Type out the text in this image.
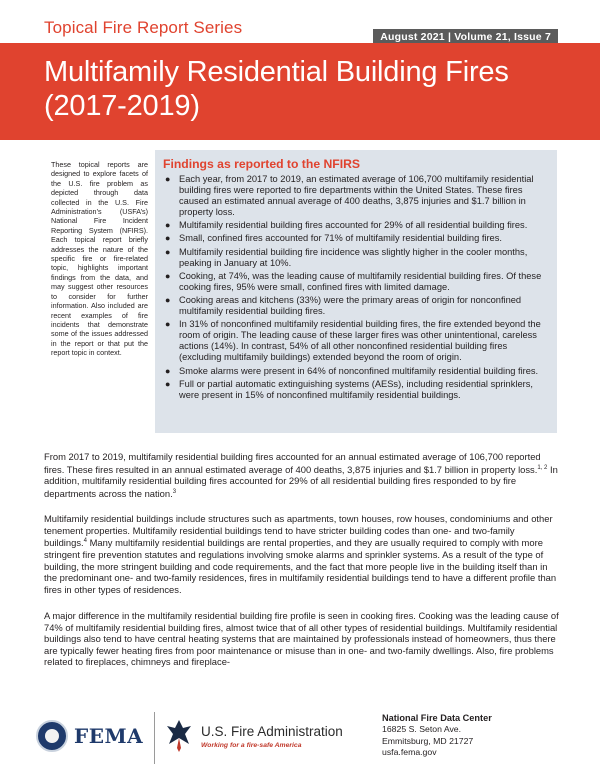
Topical Fire Report Series	August 2021 | Volume 21, Issue 7
Multifamily Residential Building Fires
(2017-2019)
These topical reports are designed to explore facets of the U.S. fire problem as depicted through data collected in the U.S. Fire Administration’s (USFA’s) National Fire Incident Reporting System (NFIRS). Each topical report briefly addresses the nature of the specific fire or fire-related topic, highlights important findings from the data, and may suggest other resources to consider for further information. Also included are recent examples of fire incidents that demonstrate some of the issues addressed in the report or that put the report topic in context.
Findings as reported to the NFIRS
● Each year, from 2017 to 2019, an estimated average of 106,700 multifamily residential building fires were reported to fire departments within the United States. These fires caused an estimated annual average of 400 deaths, 3,875 injuries and $1.7 billion in property loss.
● Multifamily residential building fires accounted for 29% of all residential building fires.
● Small, confined fires accounted for 71% of multifamily residential building fires.
● Multifamily residential building fire incidence was slightly higher in the cooler months, peaking in January at 10%.
● Cooking, at 74%, was the leading cause of multifamily residential building fires. Of these cooking fires, 95% were small, confined fires with limited damage.
● Cooking areas and kitchens (33%) were the primary areas of origin for nonconfined multifamily residential building fires.
● In 31% of nonconfined multifamily residential building fires, the fire extended beyond the room of origin. The leading cause of these larger fires was other unintentional, careless actions (14%). In contrast, 54% of all other nonconfined residential building fires (excluding multifamily buildings) extended beyond the room of origin.
● Smoke alarms were present in 64% of nonconfined multifamily residential building fires.
● Full or partial automatic extinguishing systems (AESs), including residential sprinklers, were present in 15% of nonconfined multifamily residential buildings.

From 2017 to 2019, multifamily residential building fires accounted for an annual estimated average of 106,700 reported fires. These fires resulted in an annual estimated average of 400 deaths, 3,875 injuries and $1.7 billion in property loss.$^{1, 2}$ In addition, multifamily residential building fires accounted for 29% of all residential building fires responded to by fire departments across the nation.$^3$

Multifamily residential buildings include structures such as apartments, town houses, row houses, condominiums and other tenement properties. Multifamily residential buildings tend to have stricter building codes than one- and two-family buildings.$^4$ Many multifamily residential buildings are rental properties, and they are usually required to comply with more stringent fire prevention statutes and regulations involving smoke alarms and sprinkler systems. As a result of the type of building, the more stringent building and code requirements, and the fact that more people live in the building itself than in the predominant one- and two-family residences, fires in multifamily residential buildings tend to have a different profile than fires in other types of residences.

A major difference in the multifamily residential building fire profile is seen in cooking fires. Cooking was the leading cause of 74% of multifamily residential building fires, almost twice that of all other types of residential buildings. Multifamily residential buildings also tend to have central heating systems that are maintained by professionals instead of homeowners, thus there are typically fewer heating fires from poor maintenance or misuse than in one- and two-family dwellings. Also, fire problems related to fireplaces, chimneys and fireplace-

FEMA	U.S. Fire Administration
Working for a fire-safe America
National Fire Data Center
16825 S. Seton Ave.
Emmitsburg, MD 21727
usfa.fema.gov
